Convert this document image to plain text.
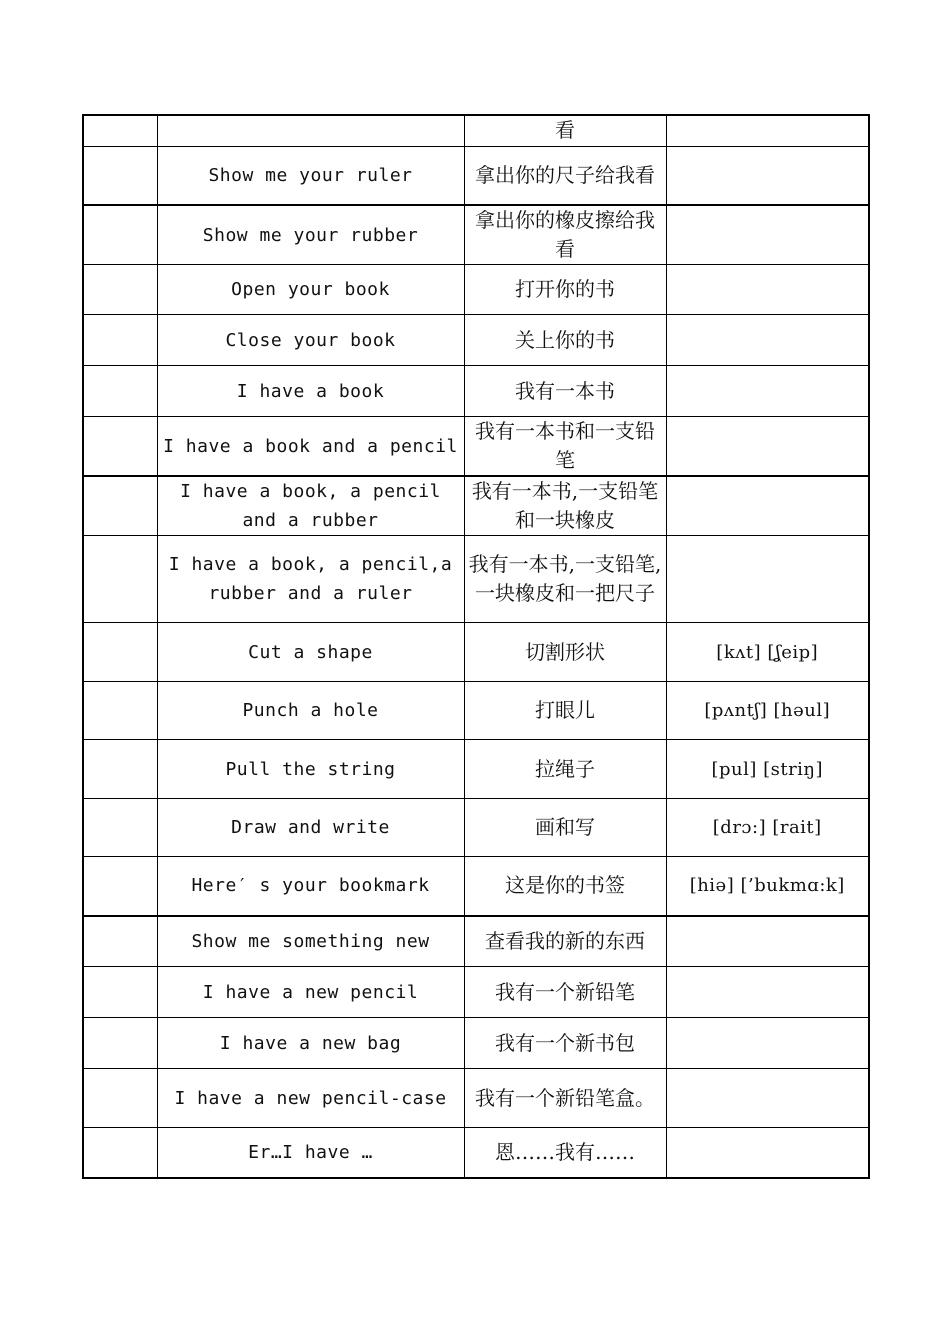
		看	
	Show me your ruler	拿出你的尺子给我看	
	Show me your rubber	拿出你的橡皮擦给我看	
	Open your book	打开你的书	
	Close your book	关上你的书	
	I have a book	我有一本书	
	I have a book and a pencil	我有一本书和一支铅笔	
	I have a book, a pencil and a rubber	我有一本书,一支铅笔和一块橡皮	
	I have a book, a pencil,a rubber and a ruler	我有一本书,一支铅笔,一块橡皮和一把尺子	
	Cut a shape	切割形状	[kʌt] [ʆeip]
	Punch a hole	打眼儿	[pʌntʃ] [həul]
	Pull the string	拉绳子	[pul] [striŋ]
	Draw and write	画和写	[drɔ:] [rait]
	Here′ s your bookmark	这是你的书签	[hiə] [’bukmɑ:k]
	Show me something new	查看我的新的东西	
	I have a new pencil	我有一个新铅笔	
	I have a new bag	我有一个新书包	
	I have a new pencil-case	我有一个新铅笔盒。	
	Er…I have …	恩……我有……	
